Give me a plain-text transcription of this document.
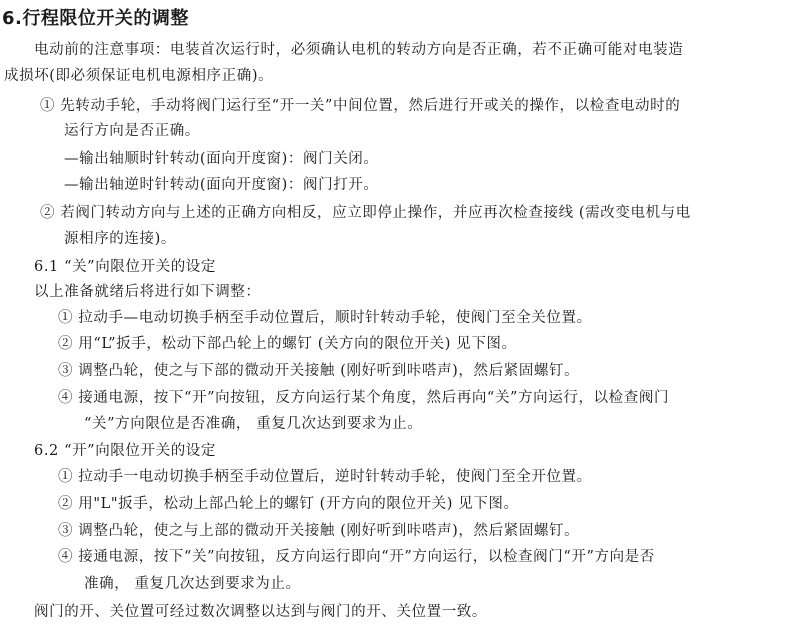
6.行程限位开关的调整
电动前的注意事项：电装首次运行时，必须确认电机的转动方向是否正确，若不正确可能对电装造
成损坏(即必须保证电机电源相序正确)。
① 先转动手轮，手动将阀门运行至“开一关”中间位置，然后进行开或关的操作，以检查电动时的
运行方向是否正确。
—输出轴顺时针转动(面向开度窗)：阀门关闭。
—输出轴逆时针转动(面向开度窗)：阀门打开。
② 若阀门转动方向与上述的正确方向相反，应立即停止操作，并应再次检查接线 (需改变电机与电
源相序的连接)。
6.1 “关”向限位开关的设定
以上准备就绪后将进行如下调整：
① 拉动手—电动切换手柄至手动位置后，顺时针转动手轮，使阀门至全关位置。
② 用“L”扳手，松动下部凸轮上的螺钉 (关方向的限位开关) 见下图。
③ 调整凸轮，使之与下部的微动开关接触 (刚好听到咔嗒声)，然后紧固螺钉。
④ 接通电源，按下“开”向按钮，反方向运行某个角度，然后再向“关”方向运行，以检查阀门
“关”方向限位是否准确， 重复几次达到要求为止。
6.2 “开”向限位开关的设定
① 拉动手一电动切换手柄至手动位置后，逆时针转动手轮，使阀门至全开位置。
② 用"L"扳手，松动上部凸轮上的螺钉 (开方向的限位开关) 见下图。
③ 调整凸轮，使之与上部的微动开关接触 (刚好听到咔嗒声)，然后紧固螺钉。
④ 接通电源，按下“关”向按钮，反方向运行即向“开”方向运行，以检查阀门“开”方向是否
准确， 重复几次达到要求为止。
阀门的开、关位置可经过数次调整以达到与阀门的开、关位置一致。
